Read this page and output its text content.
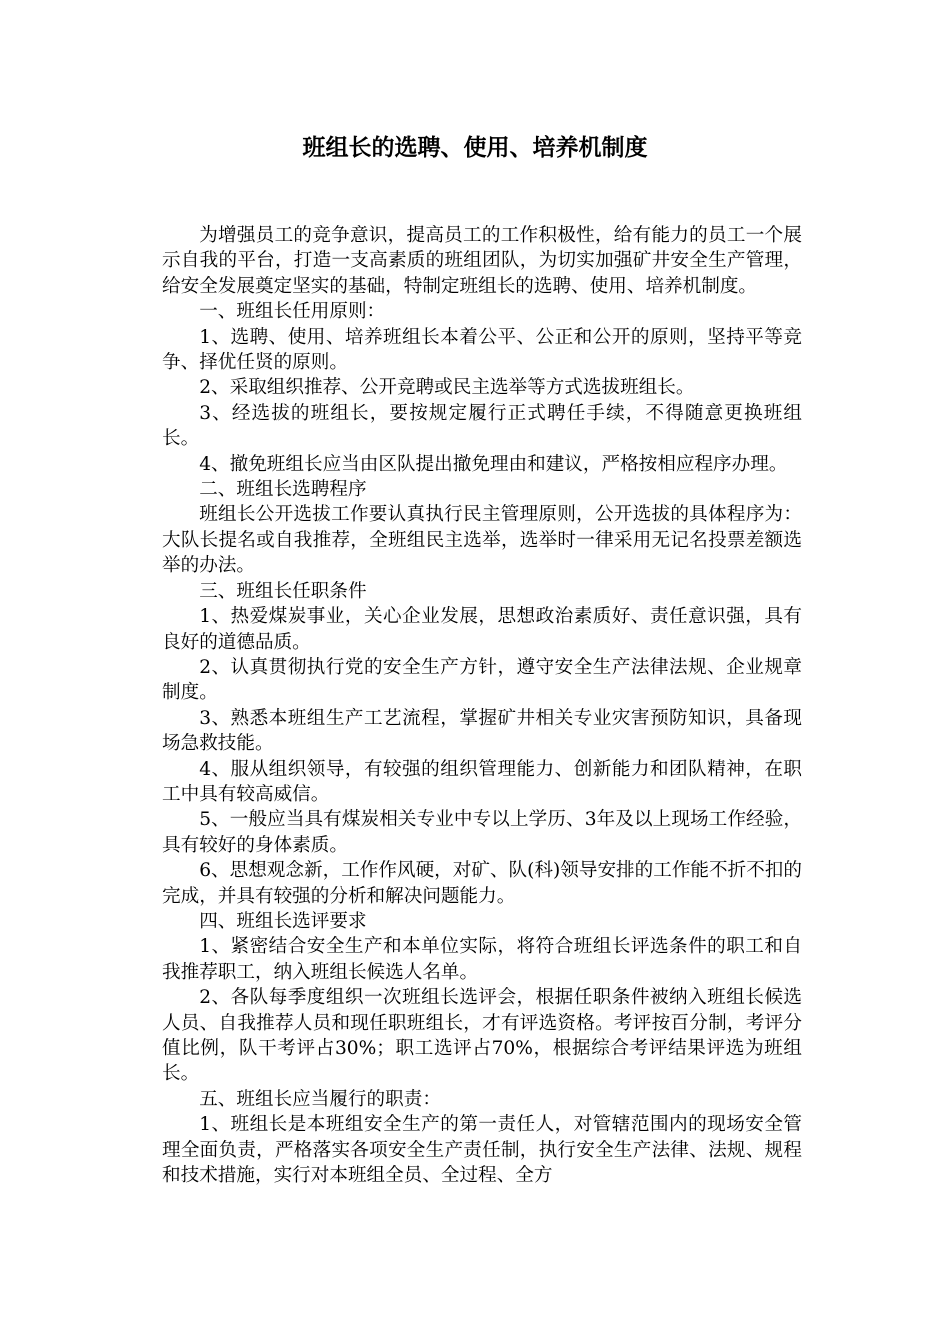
班组长的选聘、使用、培养机制度

为增强员工的竞争意识，提高员工的工作积极性，给有能力的员工一个展示自我的平台，打造一支高素质的班组团队，为切实加强矿井安全生产管理，给安全发展奠定坚实的基础，特制定班组长的选聘、使用、培养机制度。

一、班组长任用原则：

1、选聘、使用、培养班组长本着公平、公正和公开的原则，坚持平等竞争、择优任贤的原则。

2、采取组织推荐、公开竞聘或民主选举等方式选拔班组长。

3、经选拔的班组长，要按规定履行正式聘任手续，不得随意更换班组长。

4、撤免班组长应当由区队提出撤免理由和建议，严格按相应程序办理。

二、班组长选聘程序

班组长公开选拔工作要认真执行民主管理原则，公开选拔的具体程序为：大队长提名或自我推荐，全班组民主选举，选举时一律采用无记名投票差额选举的办法。

三、班组长任职条件

1、热爱煤炭事业，关心企业发展，思想政治素质好、责任意识强，具有良好的道德品质。

2、认真贯彻执行党的安全生产方针，遵守安全生产法律法规、企业规章制度。

3、熟悉本班组生产工艺流程，掌握矿井相关专业灾害预防知识，具备现场急救技能。

4、服从组织领导，有较强的组织管理能力、创新能力和团队精神，在职工中具有较高威信。

5、一般应当具有煤炭相关专业中专以上学历、3年及以上现场工作经验，具有较好的身体素质。

6、思想观念新，工作作风硬，对矿、队(科)领导安排的工作能不折不扣的完成，并具有较强的分析和解决问题能力。

四、班组长选评要求

1、紧密结合安全生产和本单位实际，将符合班组长评选条件的职工和自我推荐职工，纳入班组长候选人名单。

2、各队每季度组织一次班组长选评会，根据任职条件被纳入班组长候选人员、自我推荐人员和现任职班组长，才有评选资格。考评按百分制，考评分值比例，队干考评占30%；职工选评占70%，根据综合考评结果评选为班组长。

五、班组长应当履行的职责：

1、班组长是本班组安全生产的第一责任人，对管辖范围内的现场安全管理全面负责，严格落实各项安全生产责任制，执行安全生产法律、法规、规程和技术措施，实行对本班组全员、全过程、全方
